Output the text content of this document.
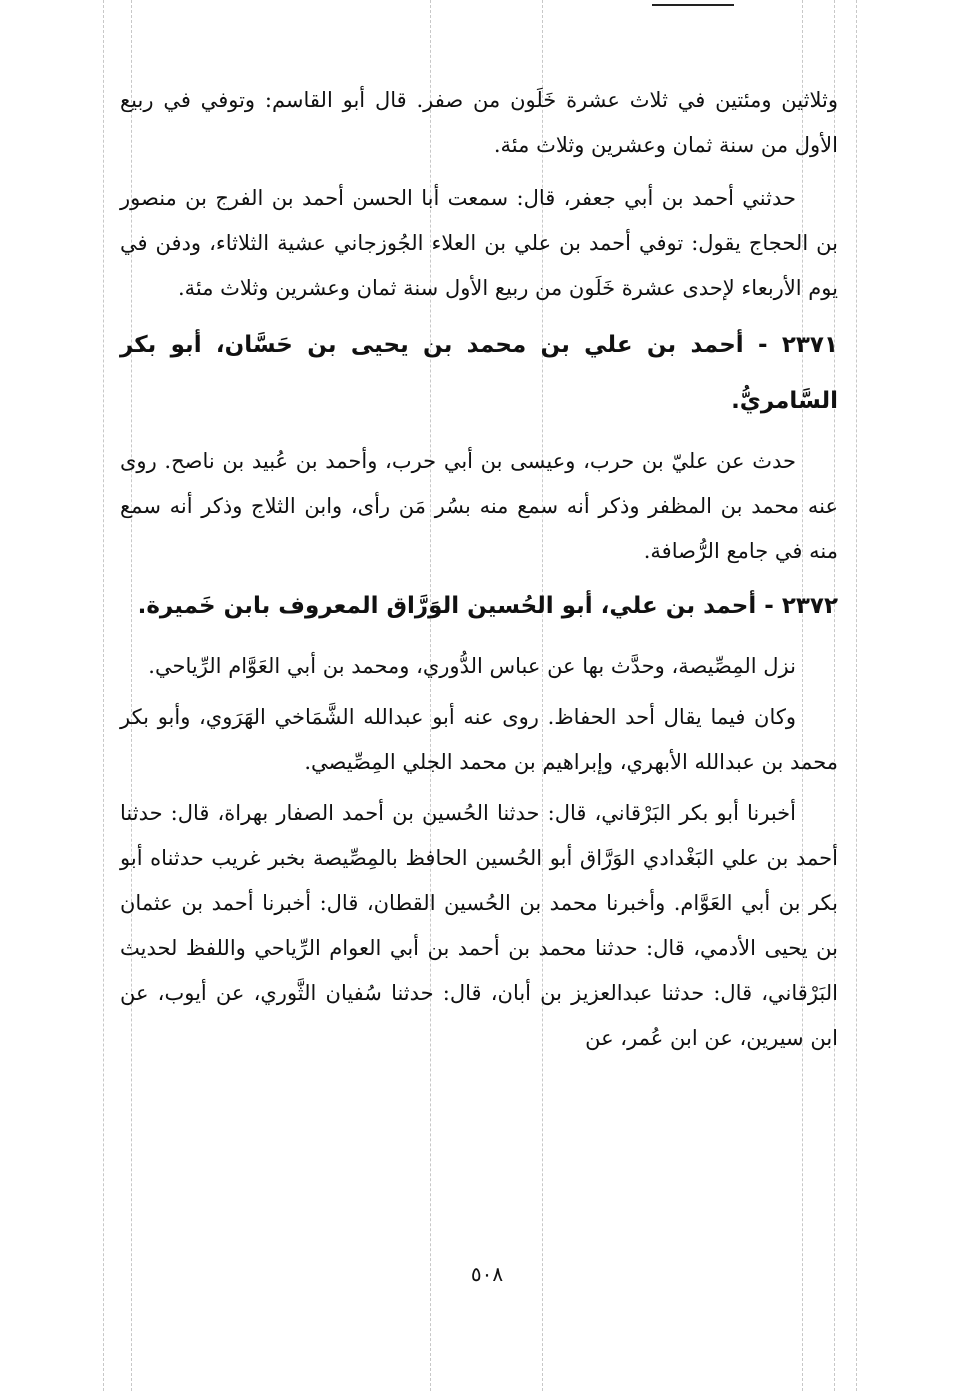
وثلاثين ومئتين في ثلاث عشرة خَلَون من صفر. قال أبو القاسم: وتوفي في ربيع الأول من سنة ثمان وعشرين وثلاث مئة.

حدثني أحمد بن أبي جعفر، قال: سمعت أبا الحسن أحمد بن الفرج بن منصور بن الحجاج يقول: توفي أحمد بن علي بن العلاء الجُوزجاني عشية الثلاثاء، ودفن في يوم الأربعاء لإحدى عشرة خَلَون من ربيع الأول سنة ثمان وعشرين وثلاث مئة.

٢٣٧١ - أحمد بن علي بن محمد بن يحيى بن حَسَّان، أبو بكر السَّامريُّ.

حدث عن عليّ بن حرب، وعيسى بن أبي حرب، وأحمد بن عُبيد بن ناصح. روى عنه محمد بن المظفر وذكر أنه سمع منه بسُر مَن رأى، وابن الثلاج وذكر أنه سمع منه في جامع الرُّصافة.

٢٣٧٢ - أحمد بن علي، أبو الحُسين الوَرَّاق المعروف بابن خَميرة.

نزل المِصِّيصة، وحدَّث بها عن عباس الدُّوري، ومحمد بن أبي العَوَّام الرِّياحي.

وكان فيما يقال أحد الحفاظ. روى عنه أبو عبدالله الشَّمَاخي الهَرَوي، وأبو بكر محمد بن عبدالله الأبهري، وإبراهيم بن محمد الجلي المِصِّيصي.

أخبرنا أبو بكر البَرْقاني، قال: حدثنا الحُسين بن أحمد الصفار بهراة، قال: حدثنا أحمد بن علي البَغْدادي الوَرَّاق أبو الحُسين الحافظ بالمِصِّيصة بخبر غريب حدثناه أبو بكر بن أبي العَوَّام. وأخبرنا محمد بن الحُسين القطان، قال: أخبرنا أحمد بن عثمان بن يحيى الأدمي، قال: حدثنا محمد بن أحمد بن أبي العوام الرِّياحي واللفظ لحديث البَرْقاني، قال: حدثنا عبدالعزيز بن أبان، قال: حدثنا سُفيان الثَّوري، عن أيوب، عن ابن سيرين، عن ابن عُمر، عن

٥٠٨
